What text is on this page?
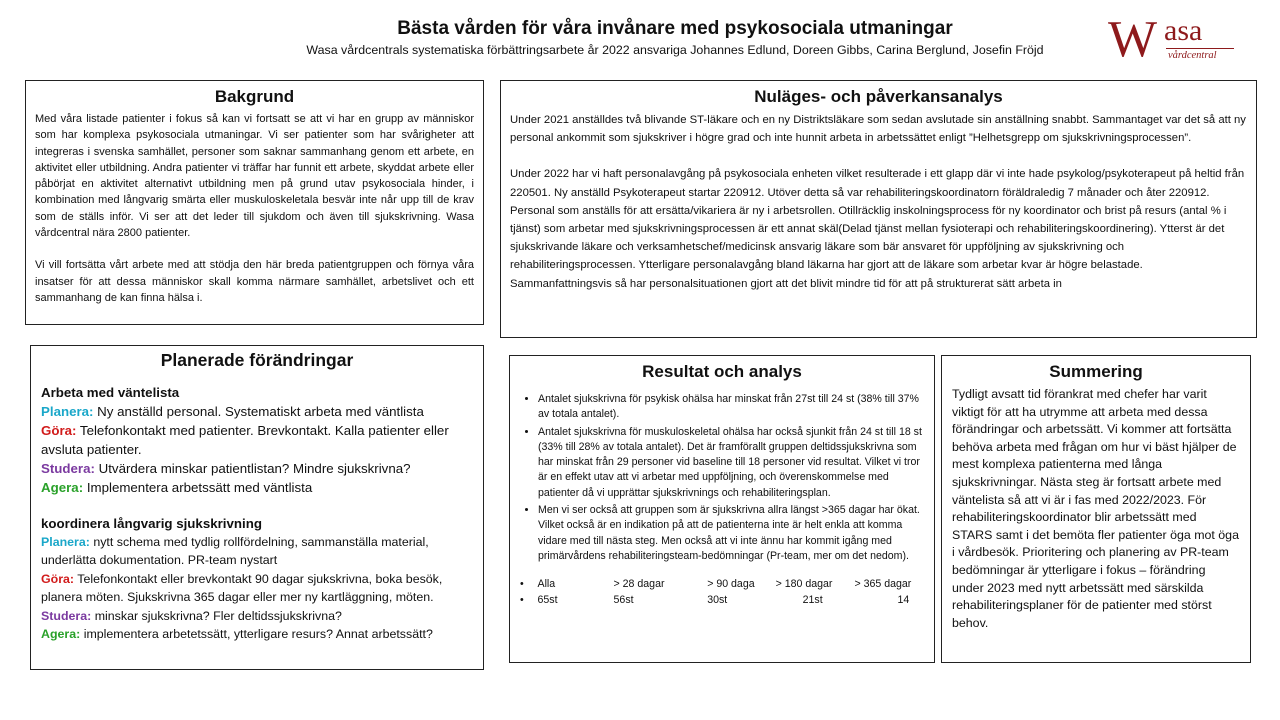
Bästa vården för våra invånare med psykosociala utmaningar
Wasa vårdcentrals systematiska förbättringsarbete år 2022 ansvariga Johannes Edlund, Doreen Gibbs, Carina Berglund, Josefin Fröjd	W asa
vårdcentral
Bakgrund

Med våra listade patienter i fokus så kan vi fortsatt se att vi har en grupp av människor som har komplexa psykosociala utmaningar. Vi ser patienter som har svårigheter att integreras i svenska samhället, personer som saknar sammanhang genom ett arbete, en aktivitet eller utbildning. Andra patienter vi träffar har funnit ett arbete, skyddat arbete eller påbörjat en aktivitet alternativt utbildning men på grund utav psykosociala hinder, i kombination med långvarig smärta eller muskuloskeletala besvär inte når upp till de krav som de ställs inför. Vi ser att det leder till sjukdom och även till sjukskrivning. Wasa vårdcentral nära 2800 patienter.

Vi vill fortsätta vårt arbete med att stödja den här breda patientgruppen och förnya våra insatser för att dessa människor skall komma närmare samhället, arbetslivet och ett sammanhang de kan finna hälsa i.

Nuläges- och påverkansanalys

Under 2021 anställdes två blivande ST-läkare och en ny Distriktsläkare som sedan avslutade sin anställning snabbt. Sammantaget var det så att ny personal ankommit som sjukskriver i högre grad och inte hunnit arbeta in arbetssättet enligt ”Helhetsgrepp om sjukskrivningsprocessen”.

Under 2022 har vi haft personalavgång på psykosociala enheten vilket resulterade i ett glapp där vi inte hade psykolog/psykoterapeut på heltid från 220501. Ny anställd Psykoterapeut startar 220912. Utöver detta så var rehabiliteringskoordinatorn föräldraledig 7 månader och åter 220912. Personal som anställs för att ersätta/vikariera är ny i arbetsrollen. Otillräcklig inskolningsprocess för ny koordinator och brist på resurs (antal % i tjänst) som arbetar med sjukskrivningsprocessen är ett annat skäl(Delad tjänst mellan fysioterapi och rehabiliteringskoordinering). Ytterst är det sjukskrivande läkare och verksamhetschef/medicinsk ansvarig läkare som bär ansvaret för uppföljning av sjukskrivning och rehabiliteringsprocessen. Ytterligare personalavgång bland läkarna har gjort att de läkare som arbetar kvar är högre belastade. Sammanfattningsvis så har personalsituationen gjort att det blivit mindre tid för att på strukturerat sätt arbeta in

Planerade förändringar
Arbeta med väntelista

Planera: Ny anställd personal. Systematiskt arbeta med väntlista

Göra: Telefonkontakt med patienter. Brevkontakt. Kalla patienter eller avsluta patienter.

Studera: Utvärdera minskar patientlistan? Mindre sjukskrivna?

Agera: Implementera arbetssätt med väntlista

koordinera långvarig sjukskrivning

Planera: nytt schema med tydlig rollfördelning, sammanställa material, underlätta dokumentation. PR-team nystart

Göra: Telefonkontakt eller brevkontakt 90 dagar sjukskrivna, boka besök, planera möten. Sjukskrivna 365 dagar eller mer ny kartläggning, möten.

Studera: minskar sjukskrivna? Fler deltidssjukskrivna?

Agera: implementera arbetetssätt, ytterligare resurs? Annat arbetssätt?

Resultat och analys
• Antalet sjukskrivna för psykisk ohälsa har minskat från 27st till 24 st (38% till 37% av totala antalet).
• Antalet sjukskrivna för muskuloskeletal ohälsa har också sjunkit från 24 st till 18 st (33% till 28% av totala antalet). Det är framförallt gruppen deltidssjukskrivna som har minskat från 29 personer vid baseline till 18 personer vid resultat. Vilket vi tror är en effekt utav att vi arbetar med uppföljning, och överenskommelse med patienter då vi upprättar sjukskrivnings och rehabiliteringsplan.
• Men vi ser också att gruppen som är sjukskrivna allra längst >365 dagar har ökat. Vilket också är en indikation på att de patienterna inte är helt enkla att komma vidare med till nästa steg. Men också att vi inte ännu har kommit igång med primärvårdens rehabiliteringsteam-bedömningar (Pr-team, mer om det nedom).
•	Alla	> 28 dagar	> 90 daga	> 180 dagar	> 365 dagar
•	65st	56st	30st	21st	14
Summering

Tydligt avsatt tid förankrat med chefer har varit viktigt för att ha utrymme att arbeta med dessa förändringar och arbetssätt. Vi kommer att fortsätta behöva arbeta med frågan om hur vi bäst hjälper de mest komplexa patienterna med långa sjukskrivningar. Nästa steg är fortsatt arbete med väntelista så att vi är i fas med 2022/2023. För rehabiliteringskoordinator blir arbetssätt med STARS samt i det bemöta fler patienter öga mot öga i vårdbesök. Prioritering och planering av PR-team bedömningar är ytterligare i fokus – förändring under 2023 med nytt arbetssätt med särskilda rehabiliteringsplaner för de patienter med störst behov.
